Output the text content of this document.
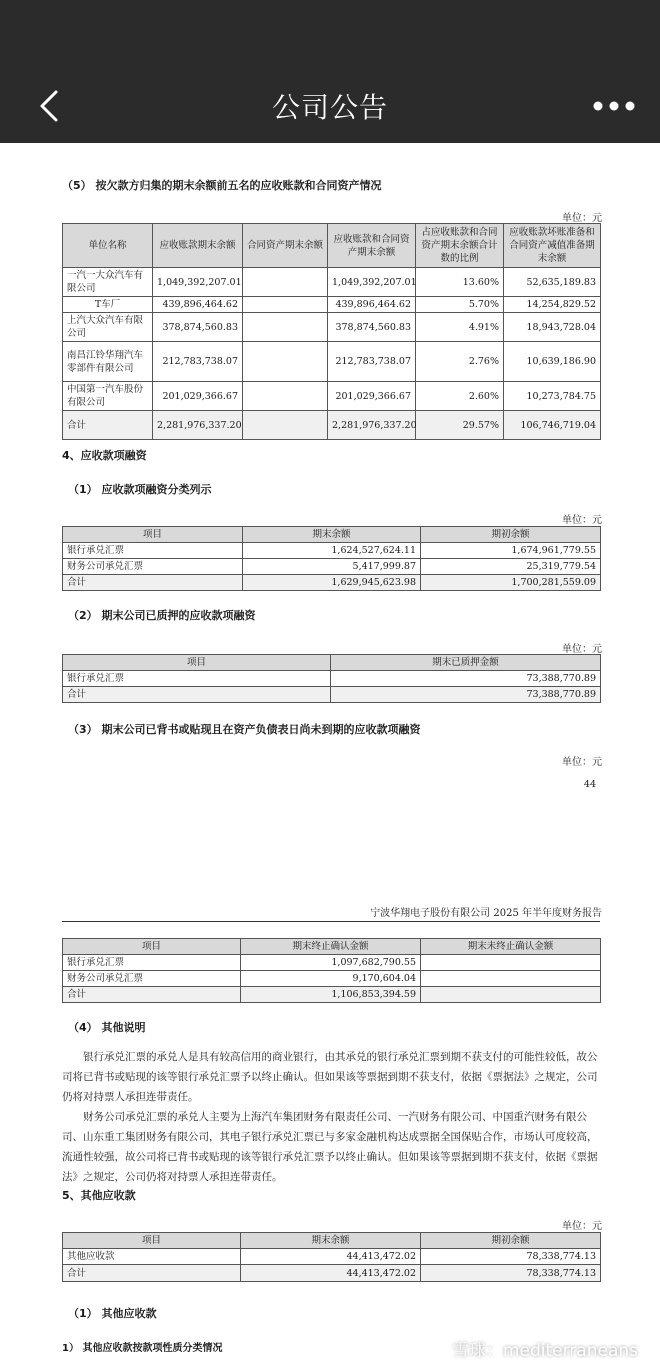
公司公告
（5） 按欠款方归集的期末余额前五名的应收账款和合同资产情况
单位：元
单位名称	应收账款期末余额	合同资产期末余额	应收账款和合同资产期末余额	占应收账款和合同资产期末余额合计数的比例	应收账款坏账准备和合同资产减值准备期末余额
一汽一大众汽车有限公司	1,049,392,207.01		1,049,392,207.01	13.60%	52,635,189.83
T车厂	439,896,464.62		439,896,464.62	5.70%	14,254,829.52
上汽大众汽车有限公司	378,874,560.83		378,874,560.83	4.91%	18,943,728.04
南昌江铃华翔汽车零部件有限公司	212,783,738.07		212,783,738.07	2.76%	10,639,186.90
中国第一汽车股份有限公司	201,029,366.67		201,029,366.67	2.60%	10,273,784.75
合计	2,281,976,337.20		2,281,976,337.20	29.57%	106,746,719.04
4、应收款项融资
（1） 应收款项融资分类列示
单位：元
项目	期末余额	期初余额
银行承兑汇票	1,624,527,624.11	1,674,961,779.55
财务公司承兑汇票	5,417,999.87	25,319,779.54
合计	1,629,945,623.98	1,700,281,559.09
（2） 期末公司已质押的应收款项融资
单位：元
项目	期末已质押金额
银行承兑汇票	73,388,770.89
合计	73,388,770.89
（3） 期末公司已背书或贴现且在资产负债表日尚未到期的应收款项融资
单位：元
44
宁波华翔电子股份有限公司 2025 年半年度财务报告
项目	期末终止确认金额	期末未终止确认金额
银行承兑汇票	1,097,682,790.55	
财务公司承兑汇票	9,170,604.04	
合计	1,106,853,394.59	
（4） 其他说明
银行承兑汇票的承兑人是具有较高信用的商业银行，由其承兑的银行承兑汇票到期不获支付的可能性较低，故公司将已背书或贴现的该等银行承兑汇票予以终止确认。但如果该等票据到期不获支付，依据《票据法》之规定，公司仍将对持票人承担连带责任。
财务公司承兑汇票的承兑人主要为上海汽车集团财务有限责任公司、一汽财务有限公司、中国重汽财务有限公司、山东重工集团财务有限公司，其电子银行承兑汇票已与多家金融机构达成票据全国保贴合作，市场认可度较高，流通性较强，故公司将已背书或贴现的该等银行承兑汇票予以终止确认。但如果该等票据到期不获支付，依据《票据法》之规定，公司仍将对持票人承担连带责任。
5、其他应收款
单位：元
项目	期末余额	期初余额
其他应收款	44,413,472.02	78,338,774.13
合计	44,413,472.02	78,338,774.13
（1） 其他应收款
1） 其他应收款按款项性质分类情况	雪球：mediterraneans
